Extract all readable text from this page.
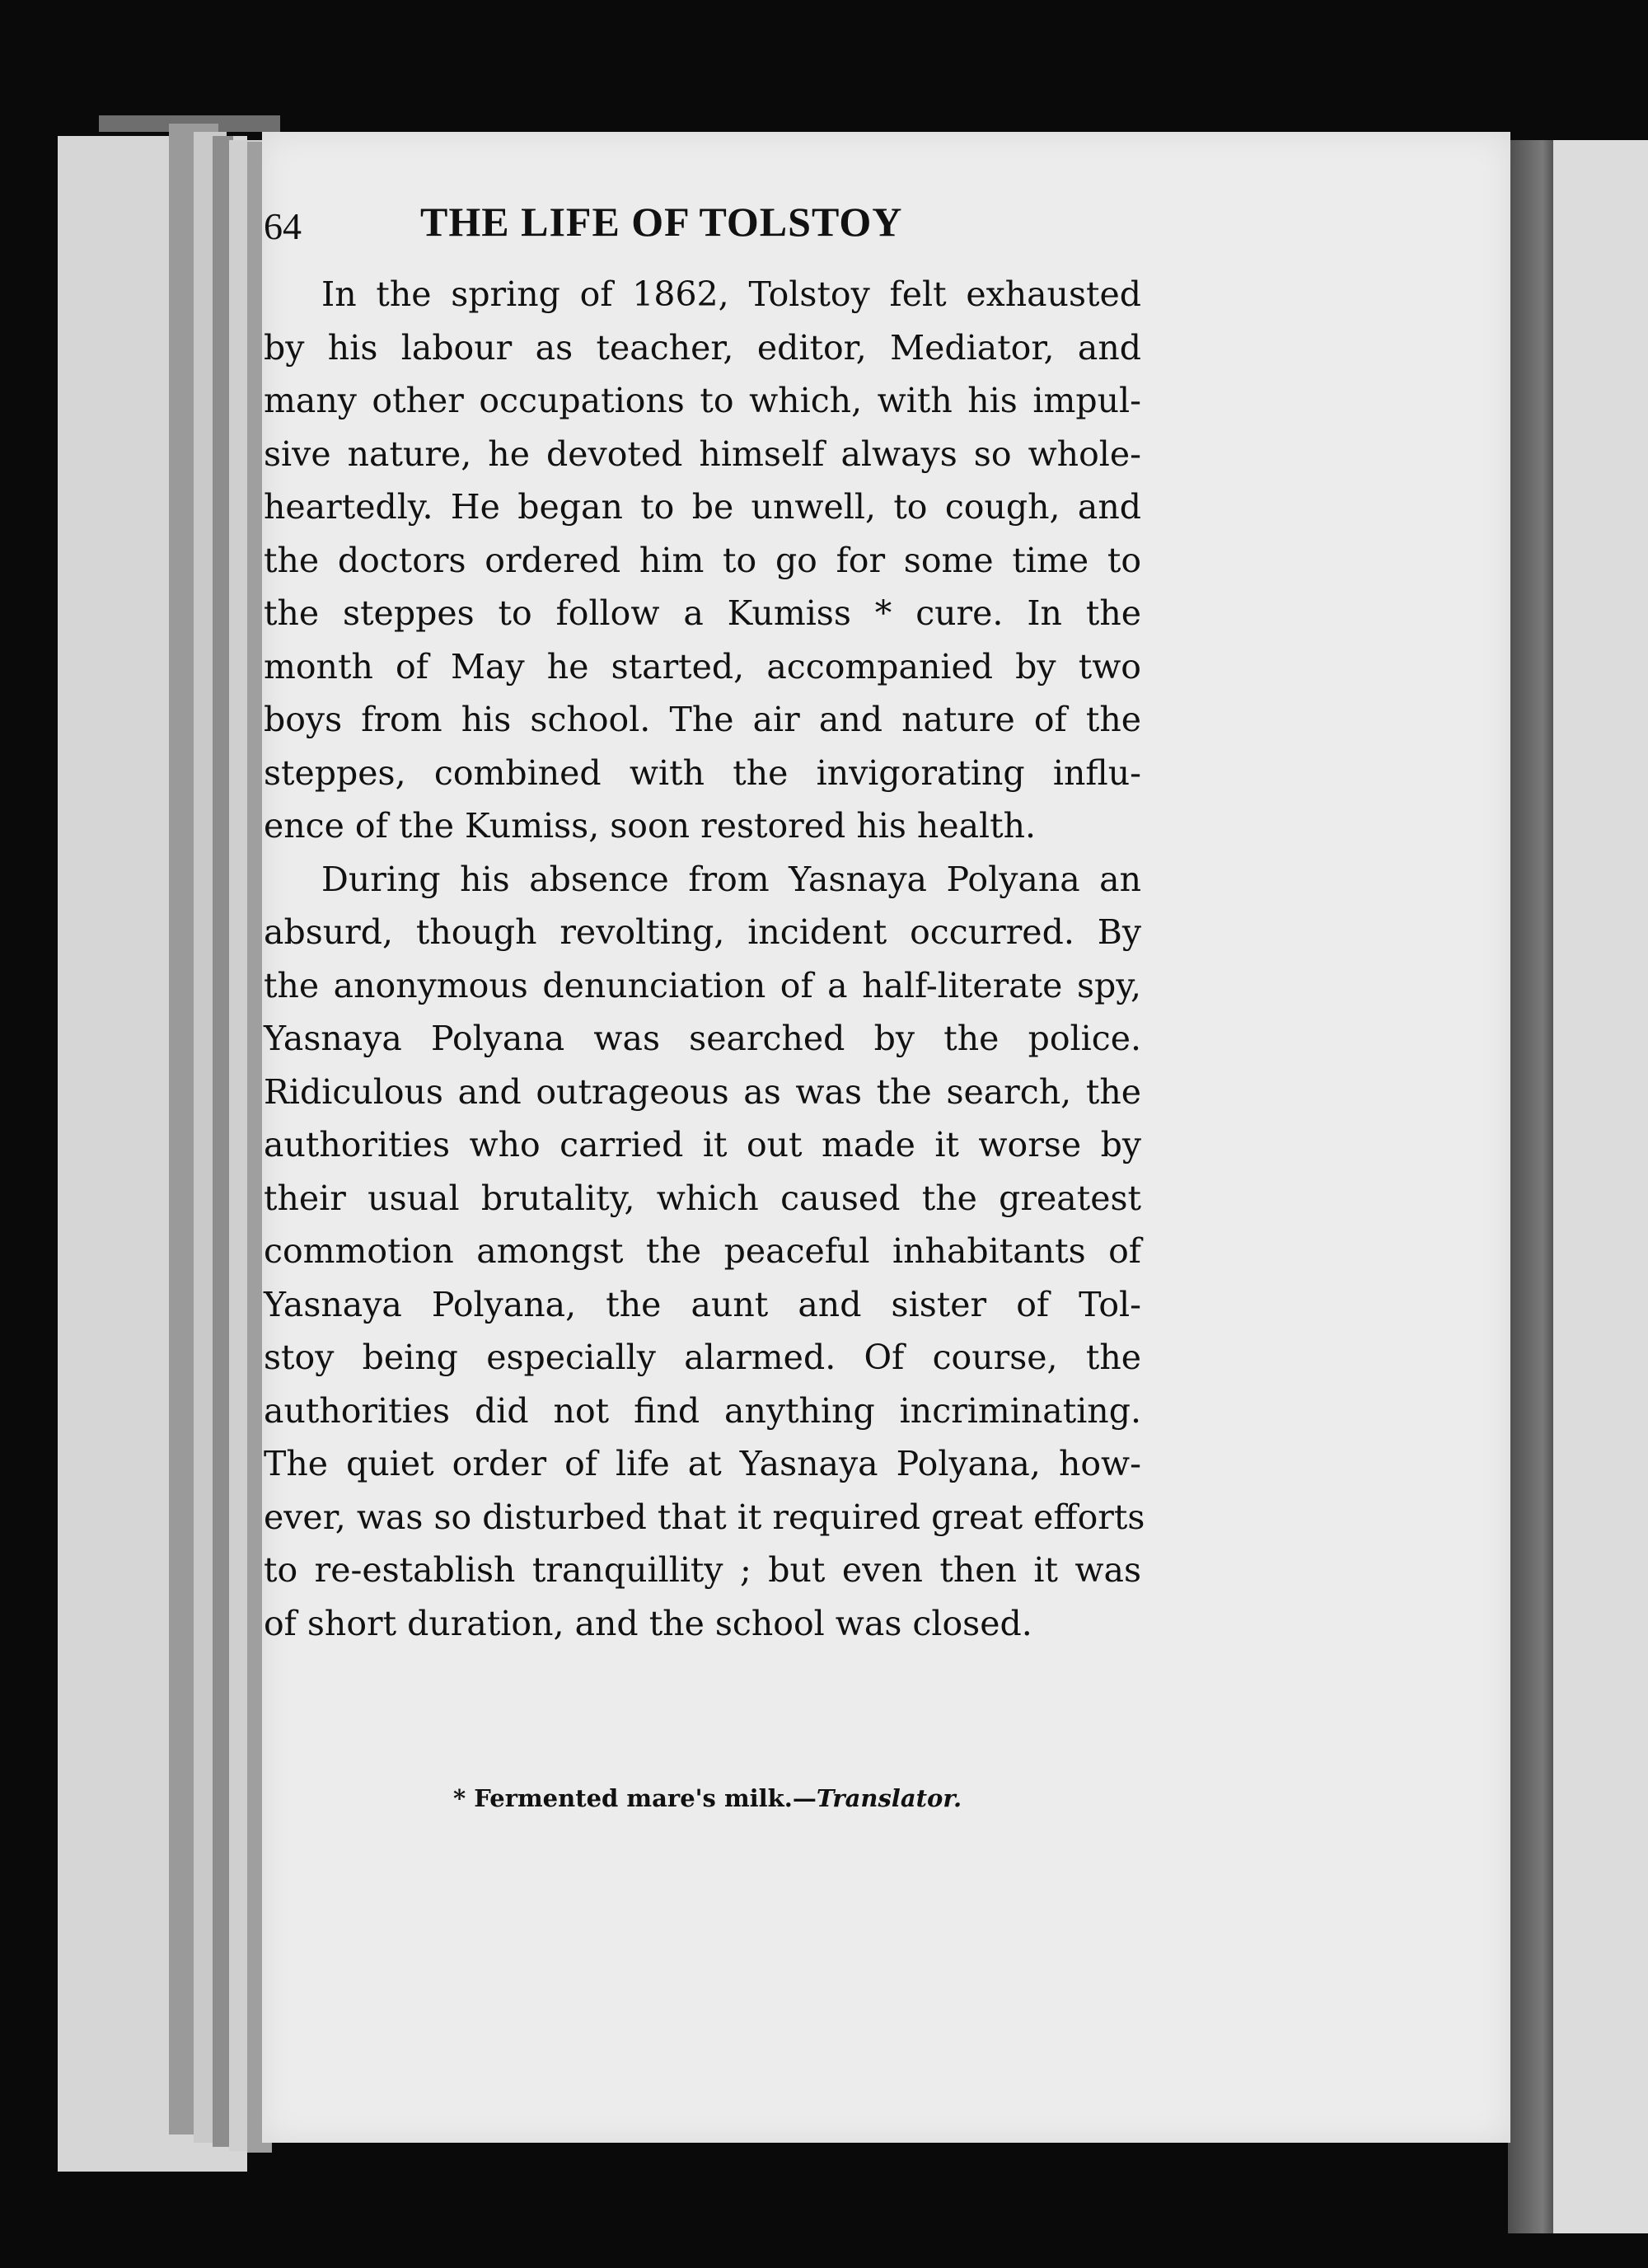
64	THE LIFE OF TOLSTOY
In the spring of 1862, Tolstoy felt exhausted
by his labour as teacher, editor, Mediator, and
many other occupations to which, with his impul-
sive nature, he devoted himself always so whole-
heartedly. He began to be unwell, to cough, and
the doctors ordered him to go for some time to
the steppes to follow a Kumiss * cure. In the
month of May he started, accompanied by two
boys from his school. The air and nature of the
steppes, combined with the invigorating influ-
ence of the Kumiss, soon restored his health.
During his absence from Yasnaya Polyana an
absurd, though revolting, incident occurred. By
the anonymous denunciation of a half-literate spy,
Yasnaya Polyana was searched by the police.
Ridiculous and outrageous as was the search, the
authorities who carried it out made it worse by
their usual brutality, which caused the greatest
commotion amongst the peaceful inhabitants of
Yasnaya Polyana, the aunt and sister of Tol-
stoy being especially alarmed. Of course, the
authorities did not find anything incriminating.
The quiet order of life at Yasnaya Polyana, how-
ever, was so disturbed that it required great efforts
to re-establish tranquillity ; but even then it was
of short duration, and the school was closed.
* Fermented mare's milk.—Translator.
